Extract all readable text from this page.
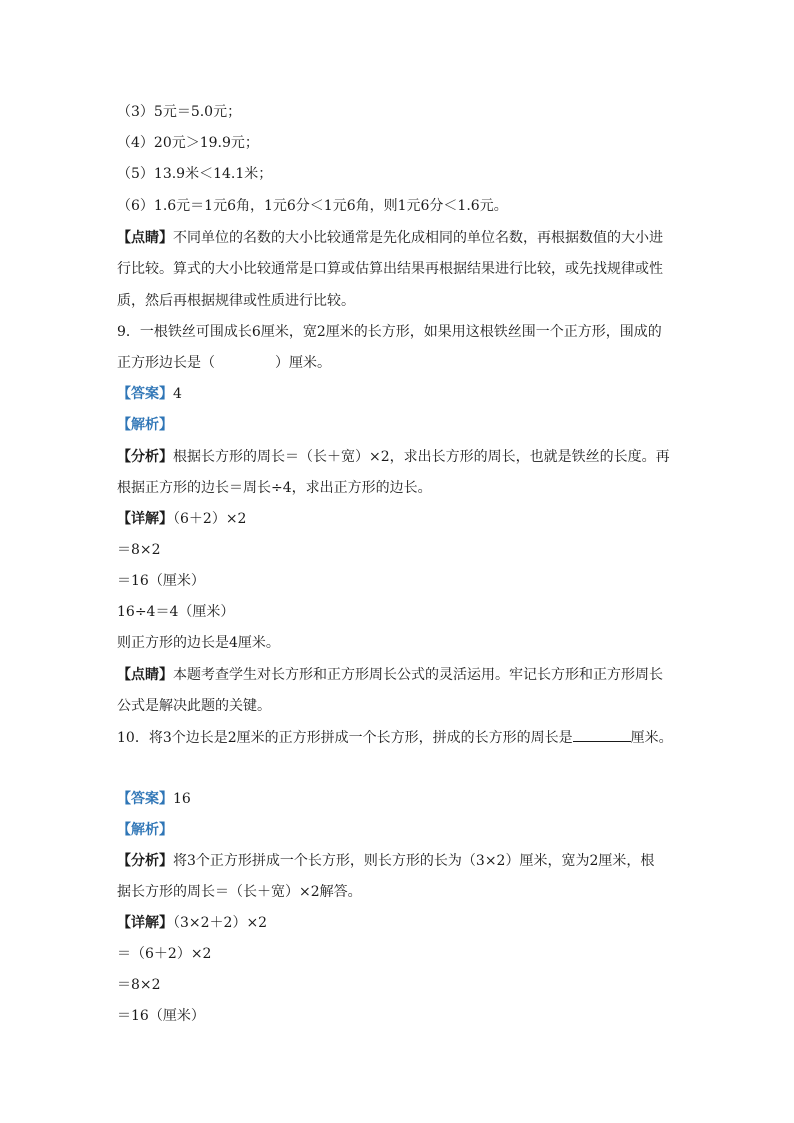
（3）5元＝5.0元；
（4）20元＞19.9元；
（5）13.9米＜14.1米；
（6）1.6元＝1元6角，1元6分＜1元6角，则1元6分＜1.6元。
【点睛】不同单位的名数的大小比较通常是先化成相同的单位名数，再根据数值的大小进
行比较。算式的大小比较通常是口算或估算出结果再根据结果进行比较，或先找规律或性
质，然后再根据规律或性质进行比较。
9．一根铁丝可围成长6厘米，宽2厘米的长方形，如果用这根铁丝围一个正方形，围成的
正方形边长是（	）厘米。
【答案】4
【解析】
【分析】根据长方形的周长＝（长＋宽）×2，求出长方形的周长，也就是铁丝的长度。再
根据正方形的边长＝周长÷4，求出正方形的边长。
【详解】（6＋2）×2
＝8×2
＝16（厘米）
16÷4＝4（厘米）
则正方形的边长是4厘米。
【点睛】本题考查学生对长方形和正方形周长公式的灵活运用。牢记长方形和正方形周长
公式是解决此题的关键。
10．将3个边长是2厘米的正方形拼成一个长方形，拼成的长方形的周长是	厘米。
【答案】16
【解析】
【分析】将3个正方形拼成一个长方形，则长方形的长为（3×2）厘米，宽为2厘米，根
据长方形的周长＝（长＋宽）×2解答。
【详解】（3×2＋2）×2
＝（6＋2）×2
＝8×2
＝16（厘米）
